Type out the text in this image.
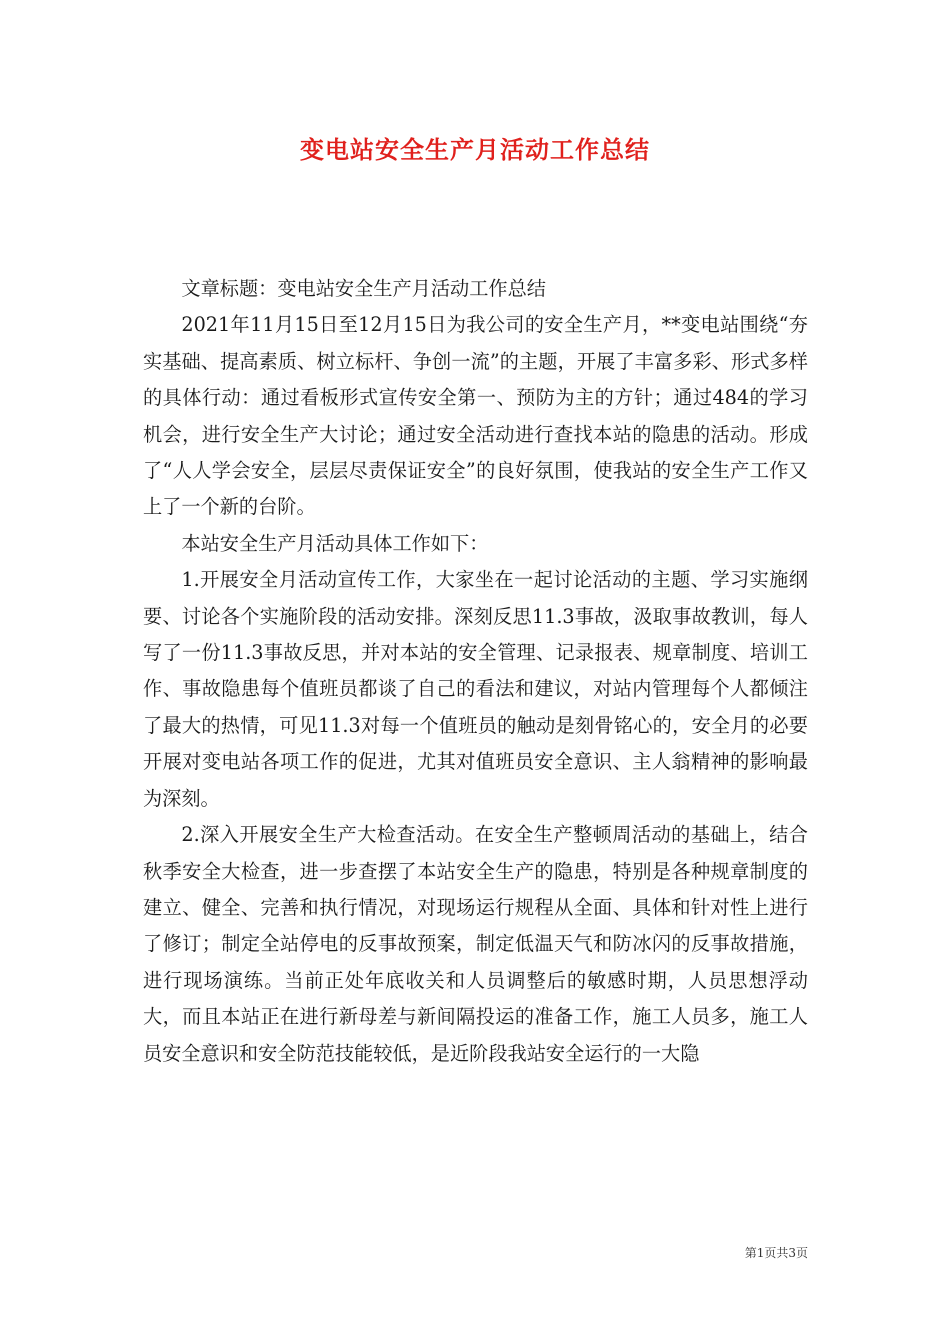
变电站安全生产月活动工作总结

文章标题：变电站安全生产月活动工作总结

2021年11月15日至12月15日为我公司的安全生产月，**变电站围绕“夯实基础、提高素质、树立标杆、争创一流”的主题，开展了丰富多彩、形式多样的具体行动：通过看板形式宣传安全第一、预防为主的方针；通过484的学习机会，进行安全生产大讨论；通过安全活动进行查找本站的隐患的活动。形成了“人人学会安全，层层尽责保证安全”的良好氛围，使我站的安全生产工作又上了一个新的台阶。

本站安全生产月活动具体工作如下：

1.开展安全月活动宣传工作，大家坐在一起讨论活动的主题、学习实施纲要、讨论各个实施阶段的活动安排。深刻反思11.3事故，汲取事故教训，每人写了一份11.3事故反思，并对本站的安全管理、记录报表、规章制度、培训工作、事故隐患每个值班员都谈了自己的看法和建议，对站内管理每个人都倾注了最大的热情，可见11.3对每一个值班员的触动是刻骨铭心的，安全月的必要开展对变电站各项工作的促进，尤其对值班员安全意识、主人翁精神的影响最为深刻。

2.深入开展安全生产大检查活动。在安全生产整顿周活动的基础上，结合秋季安全大检查，进一步查摆了本站安全生产的隐患，特别是各种规章制度的建立、健全、完善和执行情况，对现场运行规程从全面、具体和针对性上进行了修订；制定全站停电的反事故预案，制定低温天气和防冰闪的反事故措施，进行现场演练。当前正处年底收关和人员调整后的敏感时期，人员思想浮动大，而且本站正在进行新母差与新间隔投运的准备工作，施工人员多，施工人员安全意识和安全防范技能较低，是近阶段我站安全运行的一大隐

第1页共3页
